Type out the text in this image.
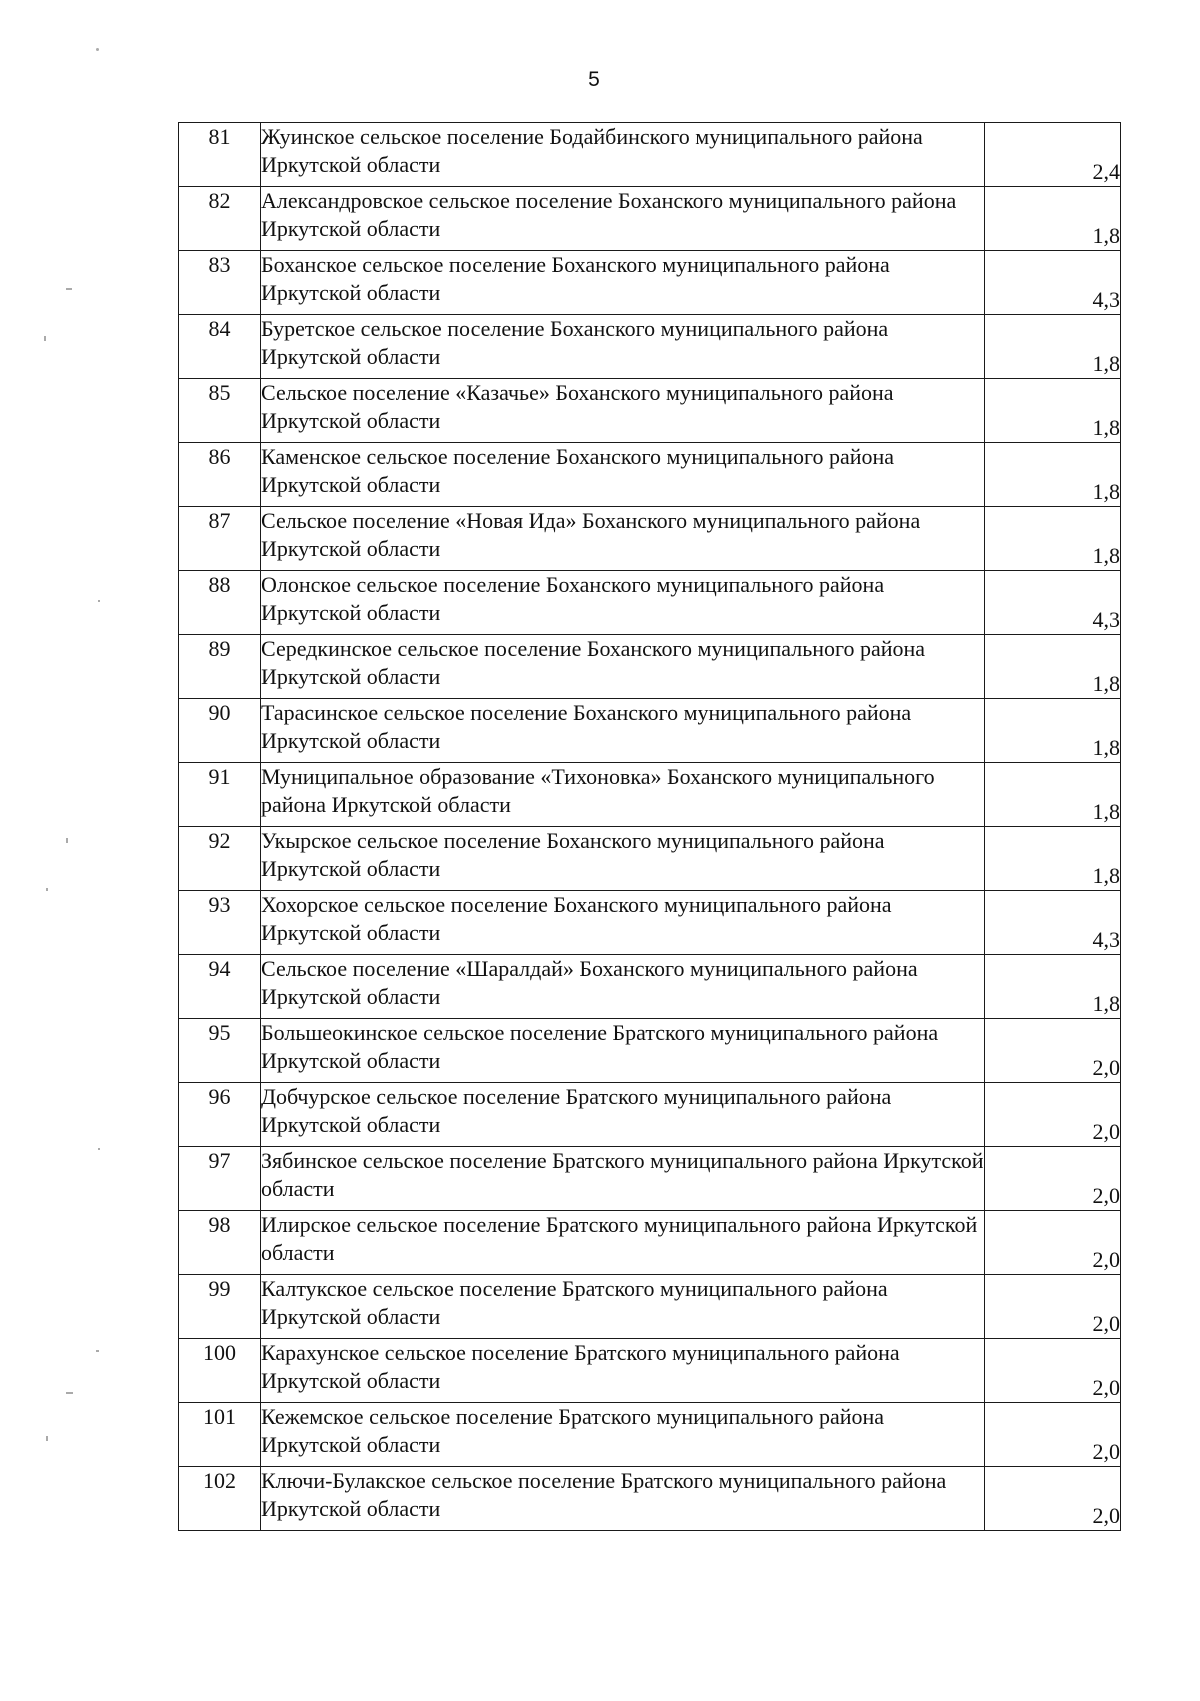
5
81	Жуинское сельское поселение Бодайбинского муниципального района Иркутской области	2,4
82	Александровское сельское поселение Боханского муниципального района Иркутской области	1,8
83	Боханское сельское поселение Боханского муниципального района Иркутской области	4,3
84	Буретское сельское поселение Боханского муниципального района Иркутской области	1,8
85	Сельское поселение «Казачье» Боханского муниципального района Иркутской области	1,8
86	Каменское сельское поселение Боханского муниципального района Иркутской области	1,8
87	Сельское поселение «Новая Ида» Боханского муниципального района Иркутской области	1,8
88	Олонское сельское поселение Боханского муниципального района Иркутской области	4,3
89	Середкинское сельское поселение Боханского муниципального района Иркутской области	1,8
90	Тарасинское сельское поселение Боханского муниципального района Иркутской области	1,8
91	Муниципальное образование «Тихоновка» Боханского муниципального района Иркутской области	1,8
92	Укырское сельское поселение Боханского муниципального района Иркутской области	1,8
93	Хохорское сельское поселение Боханского муниципального района Иркутской области	4,3
94	Сельское поселение «Шаралдай» Боханского муниципального района Иркутской области	1,8
95	Большеокинское сельское поселение Братского муниципального района Иркутской области	2,0
96	Добчурское сельское поселение Братского муниципального района Иркутской области	2,0
97	Зябинское сельское поселение Братского муниципального района Иркутской области	2,0
98	Илирское сельское поселение Братского муниципального района Иркутской области	2,0
99	Калтукское сельское поселение Братского муниципального района Иркутской области	2,0
100	Карахунское сельское поселение Братского муниципального района Иркутской области	2,0
101	Кежемское сельское поселение Братского муниципального района Иркутской области	2,0
102	Ключи-Булакское сельское поселение Братского муниципального района Иркутской области	2,0
